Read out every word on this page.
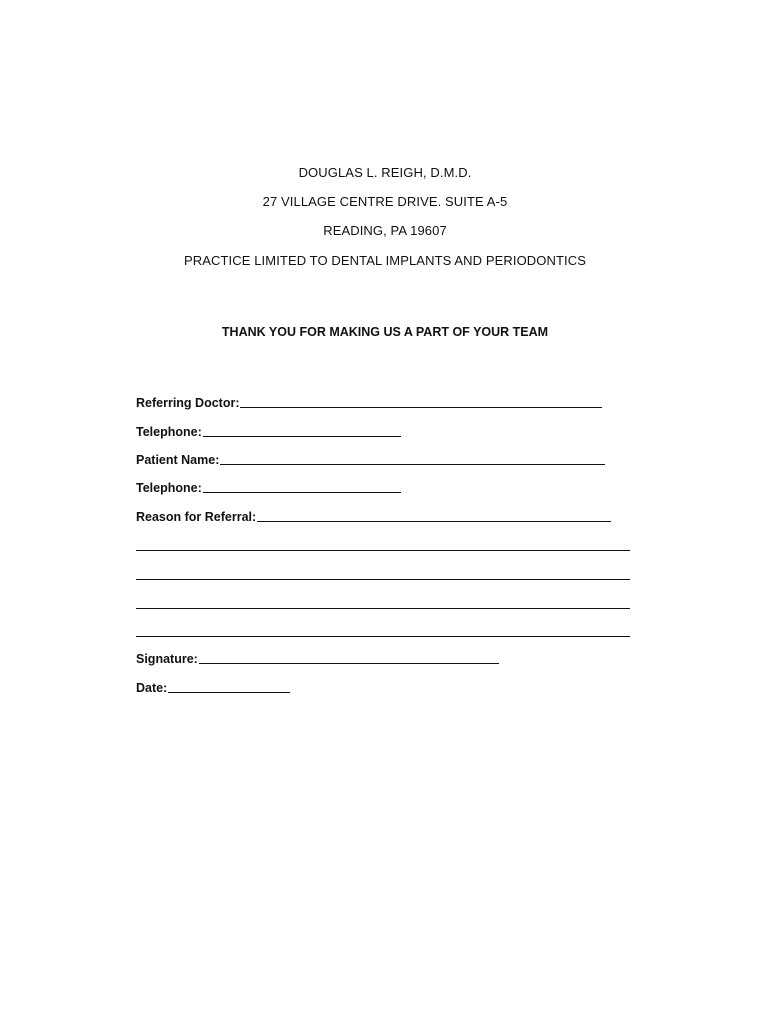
DOUGLAS L. REIGH, D.M.D.
27 VILLAGE CENTRE DRIVE. SUITE A-5
READING, PA 19607
PRACTICE LIMITED TO DENTAL IMPLANTS AND PERIODONTICS
THANK YOU FOR MAKING US A PART OF YOUR TEAM
Referring Doctor:
Telephone:
Patient Name:
Telephone:
Reason for Referral:
Signature:
Date:
